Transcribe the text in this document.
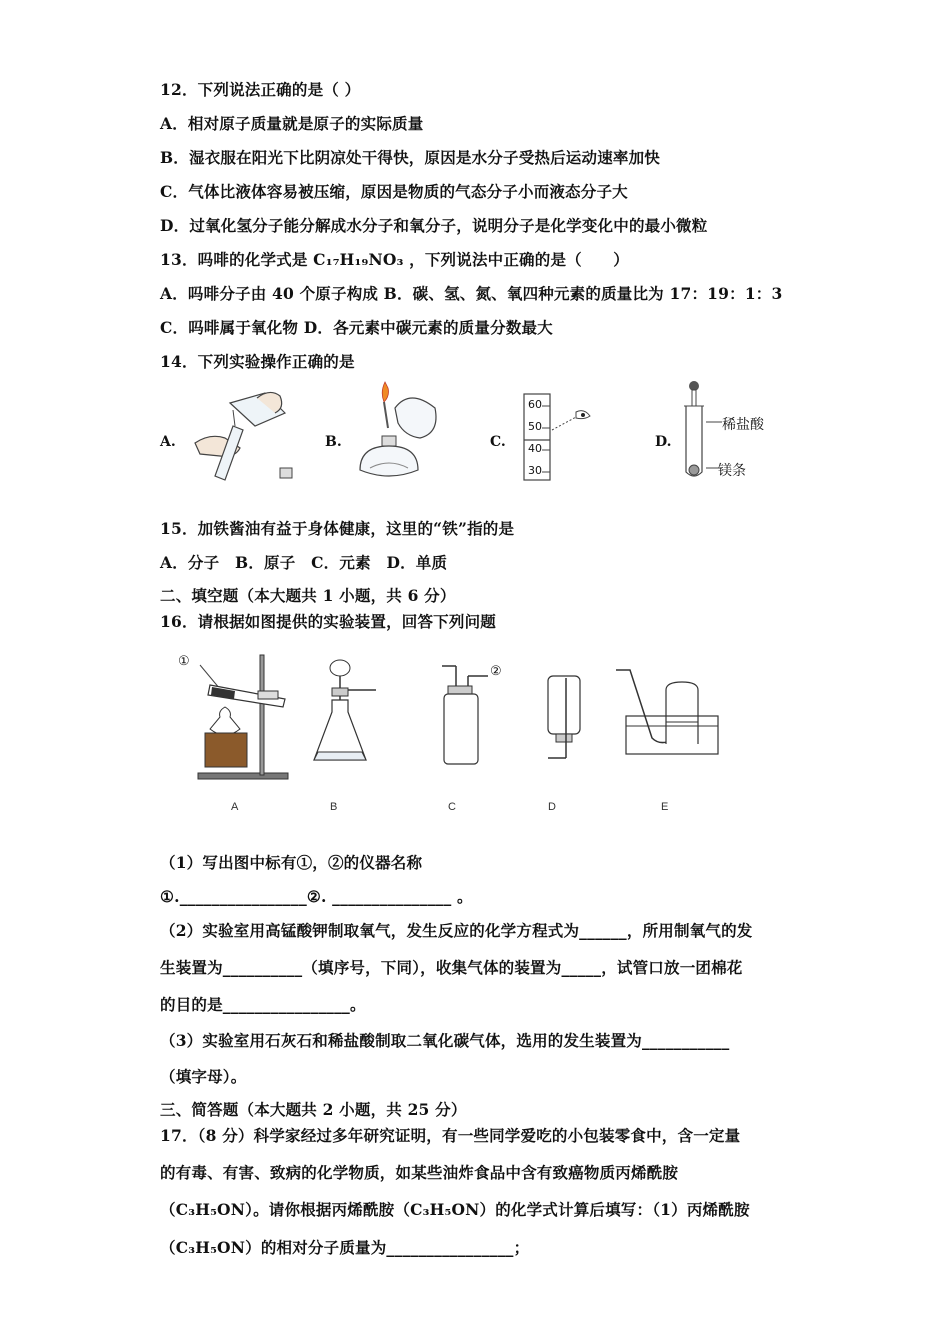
12．下列说法正确的是（ ）
A．相对原子质量就是原子的实际质量
B．湿衣服在阳光下比阴凉处干得快，原因是水分子受热后运动速率加快
C．气体比液体容易被压缩，原因是物质的气态分子小而液态分子大
D．过氧化氢分子能分解成水分子和氧分子，说明分子是化学变化中的最小微粒
13．吗啡的化学式是 C₁₇H₁₉NO₃ ，下列说法中正确的是（　　）
A．吗啡分子由 40 个原子构成 B．碳、氢、氮、氧四种元素的质量比为 17：19：1：3
C．吗啡属于氧化物 D．各元素中碳元素的质量分数最大
14．下列实验操作正确的是
A.	B.	C.	D.
60
50
40
30
稀盐酸
镁条
15．加铁酱油有益于身体健康，这里的“铁”指的是
A．分子　B．原子　C．元素　D．单质
二、填空题（本大题共 1 小题，共 6 分）
16．请根据如图提供的实验装置，回答下列问题
①
②
A	B	C	D	E
（1）写出图中标有①，②的仪器名称
①.________________②. _______________ 。
（2）实验室用高锰酸钾制取氧气，发生反应的化学方程式为______，所用制氧气的发
生装置为__________（填序号，下同），收集气体的装置为_____，试管口放一团棉花
的目的是________________。
（3）实验室用石灰石和稀盐酸制取二氧化碳气体，选用的发生装置为___________
（填字母）。
三、简答题（本大题共 2 小题，共 25 分）
17．（8 分）科学家经过多年研究证明，有一些同学爱吃的小包装零食中，含一定量
的有毒、有害、致病的化学物质，如某些油炸食品中含有致癌物质丙烯酰胺
（C₃H₅ON）。请你根据丙烯酰胺（C₃H₅ON）的化学式计算后填写：（1）丙烯酰胺
（C₃H₅ON）的相对分子质量为________________；
